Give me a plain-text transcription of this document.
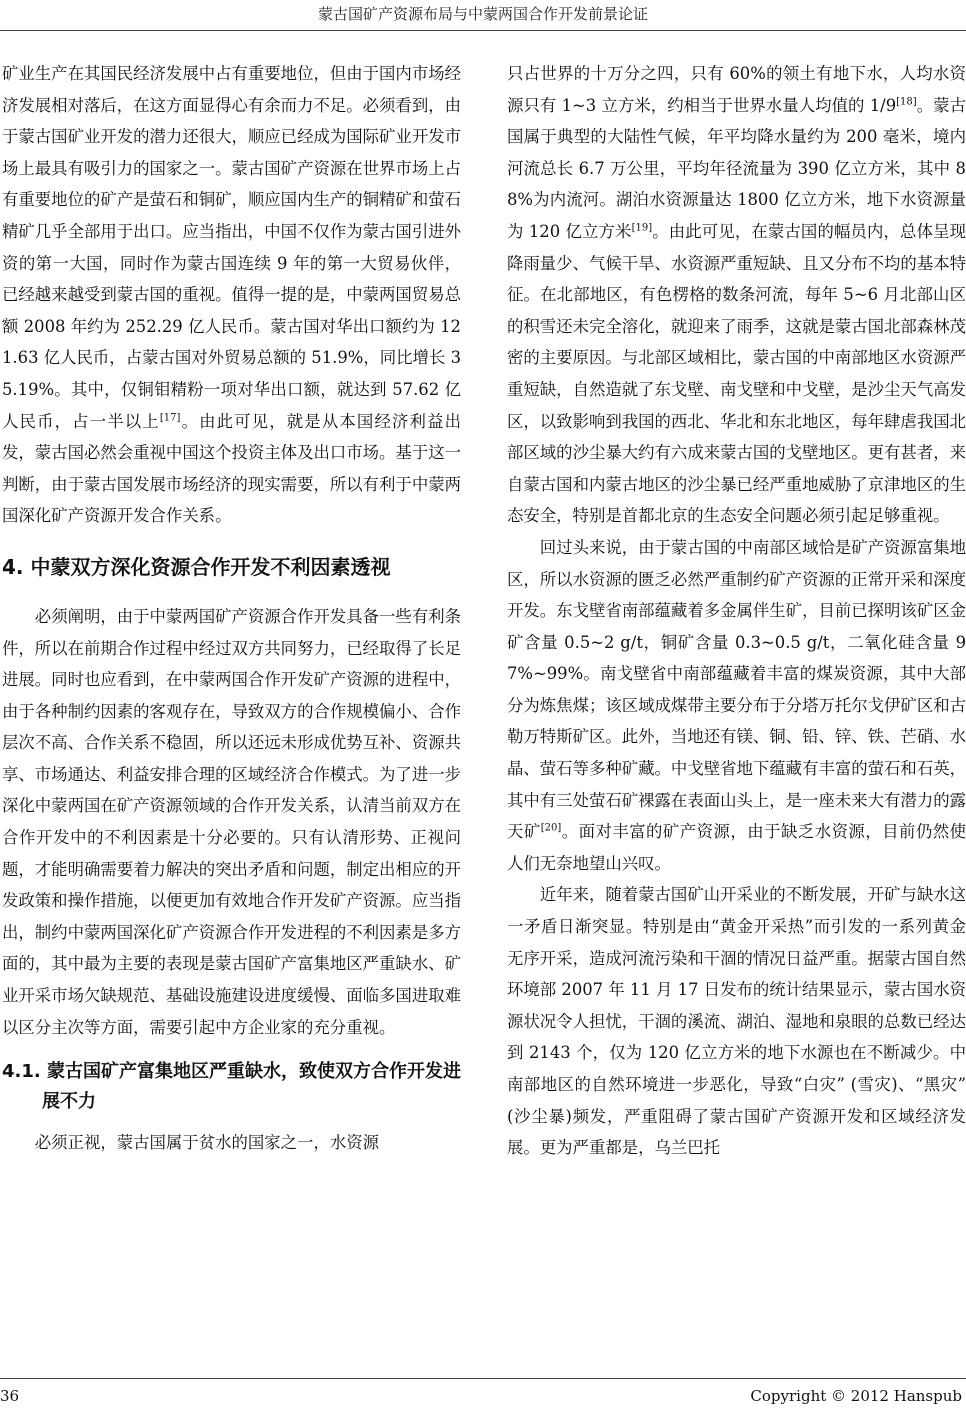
蒙古国矿产资源布局与中蒙两国合作开发前景论证

矿业生产在其国民经济发展中占有重要地位，但由于国内市场经济发展相对落后，在这方面显得心有余而力不足。必须看到，由于蒙古国矿业开发的潜力还很大，顺应已经成为国际矿业开发市场上最具有吸引力的国家之一。蒙古国矿产资源在世界市场上占有重要地位的矿产是萤石和铜矿，顺应国内生产的铜精矿和萤石精矿几乎全部用于出口。应当指出，中国不仅作为蒙古国引进外资的第一大国，同时作为蒙古国连续 9 年的第一大贸易伙伴，已经越来越受到蒙古国的重视。值得一提的是，中蒙两国贸易总额 2008 年约为 252.29 亿人民币。蒙古国对华出口额约为 121.63 亿人民币，占蒙古国对外贸易总额的 51.9%，同比增长 35.19%。其中，仅铜钼精粉一项对华出口额，就达到 57.62 亿人民币，占一半以上[17]。由此可见，就是从本国经济利益出发，蒙古国必然会重视中国这个投资主体及出口市场。基于这一判断，由于蒙古国发展市场经济的现实需要，所以有利于中蒙两国深化矿产资源开发合作关系。

4. 中蒙双方深化资源合作开发不利因素透视

必须阐明，由于中蒙两国矿产资源合作开发具备一些有利条件，所以在前期合作过程中经过双方共同努力，已经取得了长足进展。同时也应看到，在中蒙两国合作开发矿产资源的进程中，由于各种制约因素的客观存在，导致双方的合作规模偏小、合作层次不高、合作关系不稳固，所以还远未形成优势互补、资源共享、市场通达、利益安排合理的区域经济合作模式。为了进一步深化中蒙两国在矿产资源领域的合作开发关系，认清当前双方在合作开发中的不利因素是十分必要的。只有认清形势、正视问题，才能明确需要着力解决的突出矛盾和问题，制定出相应的开发政策和操作措施，以便更加有效地合作开发矿产资源。应当指出，制约中蒙两国深化矿产资源合作开发进程的不利因素是多方面的，其中最为主要的表现是蒙古国矿产富集地区严重缺水、矿业开采市场欠缺规范、基础设施建设进度缓慢、面临多国进取难以区分主次等方面，需要引起中方企业家的充分重视。

4.1. 蒙古国矿产富集地区严重缺水，致使双方合作开发进展不力

必须正视，蒙古国属于贫水的国家之一，水资源

只占世界的十万分之四，只有 60%的领土有地下水，人均水资源只有 1~3 立方米，约相当于世界水量人均值的 1/9[18]。蒙古国属于典型的大陆性气候，年平均降水量约为 200 毫米，境内河流总长 6.7 万公里，平均年径流量为 390 亿立方米，其中 88%为内流河。湖泊水资源量达 1800 亿立方米，地下水资源量为 120 亿立方米[19]。由此可见，在蒙古国的幅员内，总体呈现降雨量少、气候干旱、水资源严重短缺、且又分布不均的基本特征。在北部地区，有色楞格的数条河流，每年 5~6 月北部山区的积雪还未完全溶化，就迎来了雨季，这就是蒙古国北部森林茂密的主要原因。与北部区域相比，蒙古国的中南部地区水资源严重短缺，自然造就了东戈壁、南戈壁和中戈壁，是沙尘天气高发区，以致影响到我国的西北、华北和东北地区，每年肆虐我国北部区域的沙尘暴大约有六成来蒙古国的戈壁地区。更有甚者，来自蒙古国和内蒙古地区的沙尘暴已经严重地威胁了京津地区的生态安全，特别是首都北京的生态安全问题必须引起足够重视。

回过头来说，由于蒙古国的中南部区域恰是矿产资源富集地区，所以水资源的匮乏必然严重制约矿产资源的正常开采和深度开发。东戈壁省南部蕴藏着多金属伴生矿，目前已探明该矿区金矿含量 0.5~2 g/t，铜矿含量 0.3~0.5 g/t，二氧化硅含量 97%~99%。南戈壁省中南部蕴藏着丰富的煤炭资源，其中大部分为炼焦煤；该区域成煤带主要分布于分塔万托尔戈伊矿区和古勒万特斯矿区。此外，当地还有镁、铜、铅、锌、铁、芒硝、水晶、萤石等多种矿藏。中戈壁省地下蕴藏有丰富的萤石和石英，其中有三处萤石矿裸露在表面山头上，是一座未来大有潜力的露天矿[20]。面对丰富的矿产资源，由于缺乏水资源，目前仍然使人们无奈地望山兴叹。

近年来，随着蒙古国矿山开采业的不断发展，开矿与缺水这一矛盾日渐突显。特别是由“黄金开采热”而引发的一系列黄金无序开采，造成河流污染和干涸的情况日益严重。据蒙古国自然环境部 2007 年 11 月 17 日发布的统计结果显示，蒙古国水资源状况令人担忧，干涸的溪流、湖泊、湿地和泉眼的总数已经达到 2143 个，仅为 120 亿立方米的地下水源也在不断减少。中南部地区的自然环境进一步恶化，导致“白灾” (雪灾)、“黑灾” (沙尘暴)频发，严重阻碍了蒙古国矿产资源开发和区域经济发展。更为严重都是，乌兰巴托

36	Copyright © 2012 Hanspub
